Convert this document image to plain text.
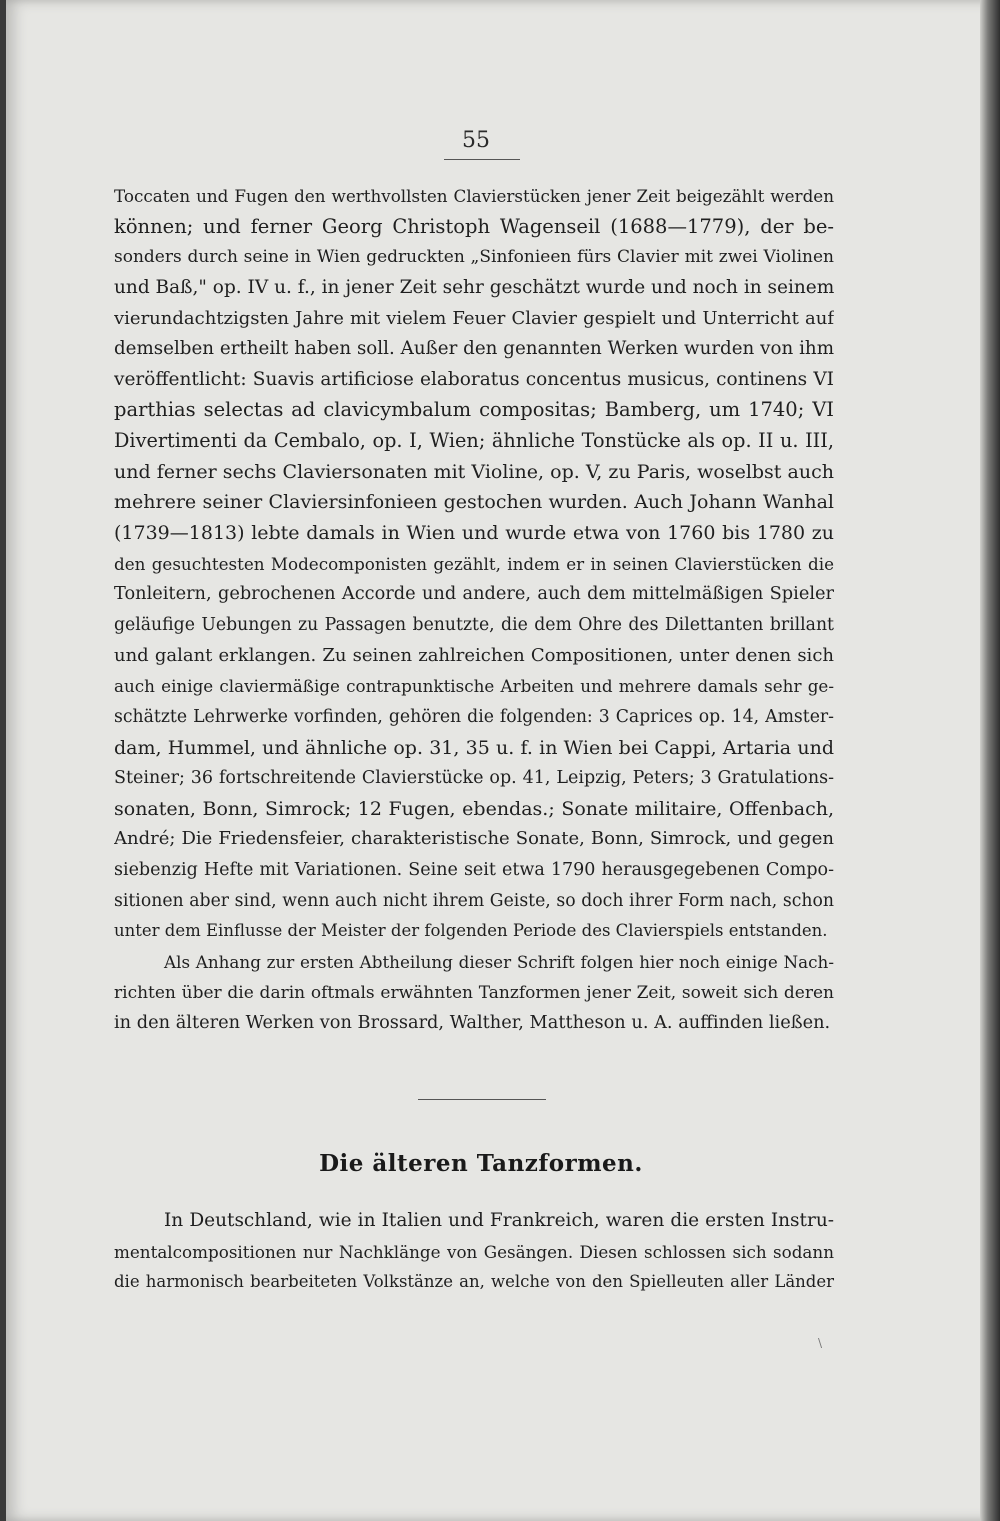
55
Toccaten und Fugen den werthvollsten Clavierstücken jener Zeit beigezählt werden
können; und ferner Georg Christoph Wagenseil (1688—1779), der be-
sonders durch seine in Wien gedruckten „Sinfonieen fürs Clavier mit zwei Violinen
und Baß," op. IV u. f., in jener Zeit sehr geschätzt wurde und noch in seinem
vierundachtzigsten Jahre mit vielem Feuer Clavier gespielt und Unterricht auf
demselben ertheilt haben soll. Außer den genannten Werken wurden von ihm
veröffentlicht: Suavis artificiose elaboratus concentus musicus, continens VI
parthias selectas ad clavicymbalum compositas; Bamberg, um 1740; VI
Divertimenti da Cembalo, op. I, Wien; ähnliche Tonstücke als op. II u. III,
und ferner sechs Claviersonaten mit Violine, op. V, zu Paris, woselbst auch
mehrere seiner Claviersinfonieen gestochen wurden. Auch Johann Wanhal
(1739—1813) lebte damals in Wien und wurde etwa von 1760 bis 1780 zu
den gesuchtesten Modecomponisten gezählt, indem er in seinen Clavierstücken die
Tonleitern, gebrochenen Accorde und andere, auch dem mittelmäßigen Spieler
geläufige Uebungen zu Passagen benutzte, die dem Ohre des Dilettanten brillant
und galant erklangen. Zu seinen zahlreichen Compositionen, unter denen sich
auch einige claviermäßige contrapunktische Arbeiten und mehrere damals sehr ge-
schätzte Lehrwerke vorfinden, gehören die folgenden: 3 Caprices op. 14, Amster-
dam, Hummel, und ähnliche op. 31, 35 u. f. in Wien bei Cappi, Artaria und
Steiner; 36 fortschreitende Clavierstücke op. 41, Leipzig, Peters; 3 Gratulations-
sonaten, Bonn, Simrock; 12 Fugen, ebendas.; Sonate militaire, Offenbach,
André; Die Friedensfeier, charakteristische Sonate, Bonn, Simrock, und gegen
siebenzig Hefte mit Variationen. Seine seit etwa 1790 herausgegebenen Compo-
sitionen aber sind, wenn auch nicht ihrem Geiste, so doch ihrer Form nach, schon
unter dem Einflusse der Meister der folgenden Periode des Clavierspiels entstanden.
Als Anhang zur ersten Abtheilung dieser Schrift folgen hier noch einige Nach-
richten über die darin oftmals erwähnten Tanzformen jener Zeit, soweit sich deren
in den älteren Werken von Brossard, Walther, Mattheson u. A. auffinden ließen.
Die älteren Tanzformen.
In Deutschland, wie in Italien und Frankreich, waren die ersten Instru-
mentalcompositionen nur Nachklänge von Gesängen. Diesen schlossen sich sodann
die harmonisch bearbeiteten Volkstänze an, welche von den Spielleuten aller Länder
\
